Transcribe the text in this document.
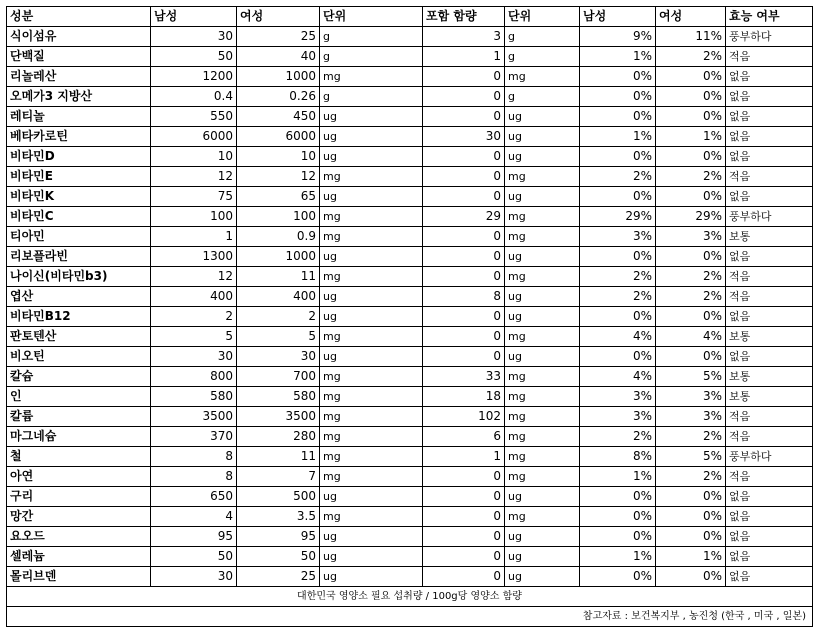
성분	남성	여성	단위	포함 함량	단위	남성	여성	효능 여부
식이섬유	30	25	g	3	g	9%	11%	풍부하다
단백질	50	40	g	1	g	1%	2%	적음
리놀레산	1200	1000	mg	0	mg	0%	0%	없음
오메가3 지방산	0.4	0.26	g	0	g	0%	0%	없음
레티놀	550	450	ug	0	ug	0%	0%	없음
베타카로틴	6000	6000	ug	30	ug	1%	1%	없음
비타민D	10	10	ug	0	ug	0%	0%	없음
비타민E	12	12	mg	0	mg	2%	2%	적음
비타민K	75	65	ug	0	ug	0%	0%	없음
비타민C	100	100	mg	29	mg	29%	29%	풍부하다
티아민	1	0.9	mg	0	mg	3%	3%	보통
리보플라빈	1300	1000	ug	0	ug	0%	0%	없음
나이신(비타민b3)	12	11	mg	0	mg	2%	2%	적음
엽산	400	400	ug	8	ug	2%	2%	적음
비타민B12	2	2	ug	0	ug	0%	0%	없음
판토텐산	5	5	mg	0	mg	4%	4%	보통
비오틴	30	30	ug	0	ug	0%	0%	없음
칼슘	800	700	mg	33	mg	4%	5%	보통
인	580	580	mg	18	mg	3%	3%	보통
칼륨	3500	3500	mg	102	mg	3%	3%	적음
마그네슘	370	280	mg	6	mg	2%	2%	적음
철	8	11	mg	1	mg	8%	5%	풍부하다
아연	8	7	mg	0	mg	1%	2%	적음
구리	650	500	ug	0	ug	0%	0%	없음
망간	4	3.5	mg	0	mg	0%	0%	없음
요오드	95	95	ug	0	ug	0%	0%	없음
셀레늄	50	50	ug	0	ug	1%	1%	없음
몰리브덴	30	25	ug	0	ug	0%	0%	없음
대한민국 영양소 필요 섭취량 / 100g당 영양소 함량								
참고자료 : 보건복지부 , 농진청 (한국 , 미국 , 일본)								
